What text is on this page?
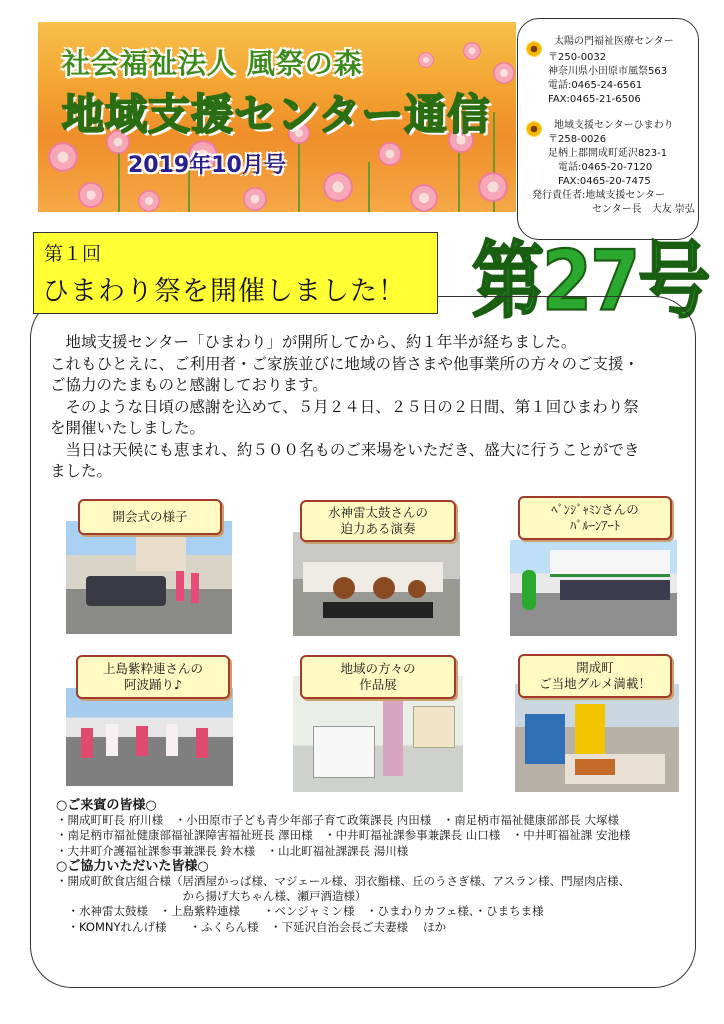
社会福祉法人 風祭の森
地域支援センター通信
2019年10月号
太陽の門福祉医療センター
〒250-0032
神奈川県小田原市風祭563
電話:0465-24-6561
FAX:0465-21-6506
地域支援センターひまわり
〒258-0026
足柄上郡開成町延沢823-1
電話:0465-20-7120
FAX:0465-20-7475
発行責任者:地域支援センター
センター長　大友 崇弘
第27号
第１回
ひまわり祭を開催しました！

　地域支援センター「ひまわり」が開所してから、約１年半が経ちました。

これもひとえに、ご利用者・ご家族並びに地域の皆さまや他事業所の方々のご支援・

ご協力のたまものと感謝しております。

　そのような日頃の感謝を込めて、５月２４日、２５日の２日間、第１回ひまわり祭

を開催いたしました。

　当日は天候にも恵まれ、約５００名ものご来場をいただき、盛大に行うことができ

ました。

開会式の様子	水神雷太鼓さんの
迫力ある演奏
ﾍﾞﾝｼﾞｬﾐﾝさんの
ﾊﾞﾙｰﾝｱｰﾄ
上島紫粋連さんの
阿波踊り♪
地域の方々の
作品展
開成町
ご当地グルメ満載！
○ご来賓の皆様○
・開成町町長 府川様　・小田原市子ども青少年部子育て政策課長 内田様　・南足柄市福祉健康部部長 大塚様
・南足柄市福祉健康部福祉課障害福祉班長 澤田様　・中井町福祉課参事兼課長 山口様　・中井町福祉課 安池様
・大井町介護福祉課参事兼課長 鈴木様　・山北町福祉課課長 湯川様
○ご協力いただいた皆様○
・開成町飲食店組合様（居酒屋かっぱ様、マジェール様、羽衣鮨様、丘のうさぎ様、アスラン様、門屋肉店様、
　　　　　　　　　　　から揚げ大ちゃん様、瀬戸酒造様）
　・水神雷太鼓様　・上島紫粋連様　　・ベンジャミン様　・ひまわりカフェ様、・ひまちま様
　・KOMNYれんげ様　　・ふくらん様　・下延沢自治会長ご夫妻様　 ほか
